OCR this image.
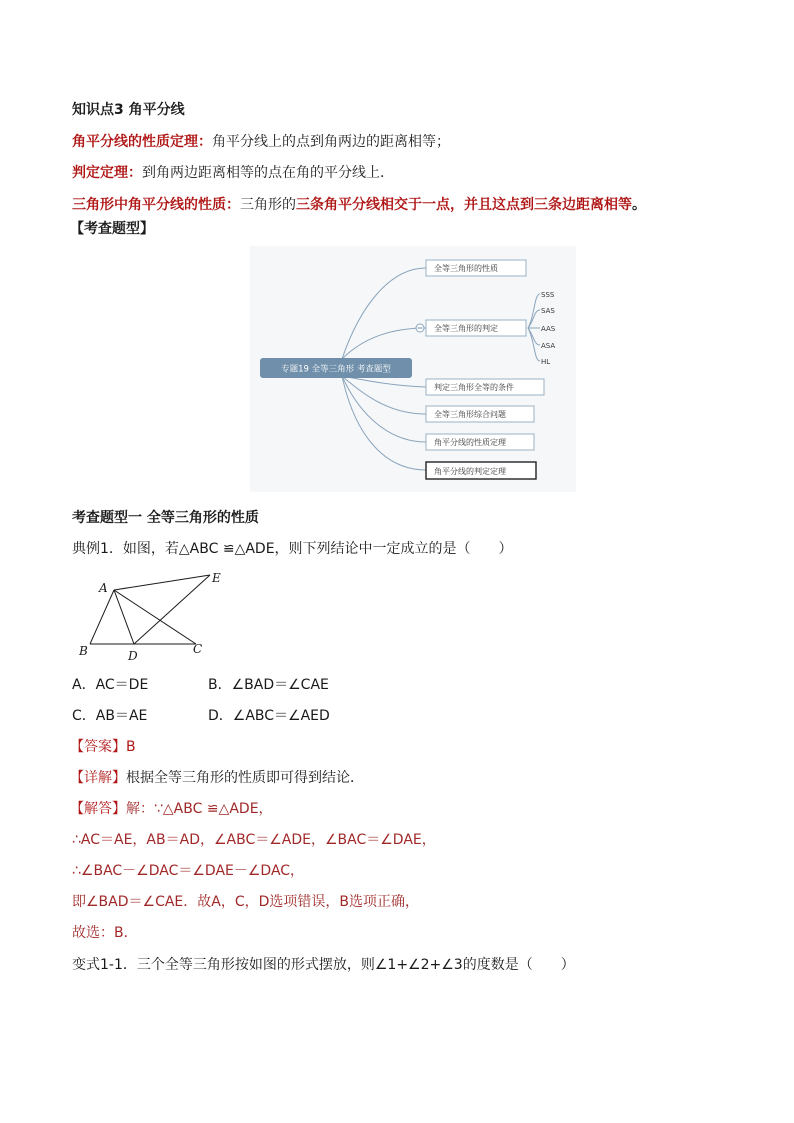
知识点3 角平分线
角平分线的性质定理：角平分线上的点到角两边的距离相等；
判定定理：到角两边距离相等的点在角的平分线上．
三角形中角平分线的性质：三角形的三条角平分线相交于一点，并且这点到三条边距离相等。
【考查题型】
专题19 全等三角形 考查题型
全等三角形的性质
全等三角形的判定
判定三角形全等的条件
全等三角形综合问题
角平分线的性质定理
角平分线的判定定理
SSS
SAS
AAS
ASA
HL
考查题型一 全等三角形的性质
典例1．如图，若△ABC ≌△ADE，则下列结论中一定成立的是（　　）
A
B	C
D
E
A．AC＝DE	B．∠BAD＝∠CAE
C．AB＝AE	D．∠ABC＝∠AED
【答案】B
【详解】根据全等三角形的性质即可得到结论．
【解答】解：∵△ABC ≌△ADE，
∴AC＝AE，AB＝AD，∠ABC＝∠ADE，∠BAC＝∠DAE，
∴∠BAC－∠DAC＝∠DAE－∠DAC，
即∠BAD＝∠CAE．故A，C，D选项错误，B选项正确，
故选：B．
变式1-1．三个全等三角形按如图的形式摆放，则∠1+∠2+∠3的度数是（　　）
